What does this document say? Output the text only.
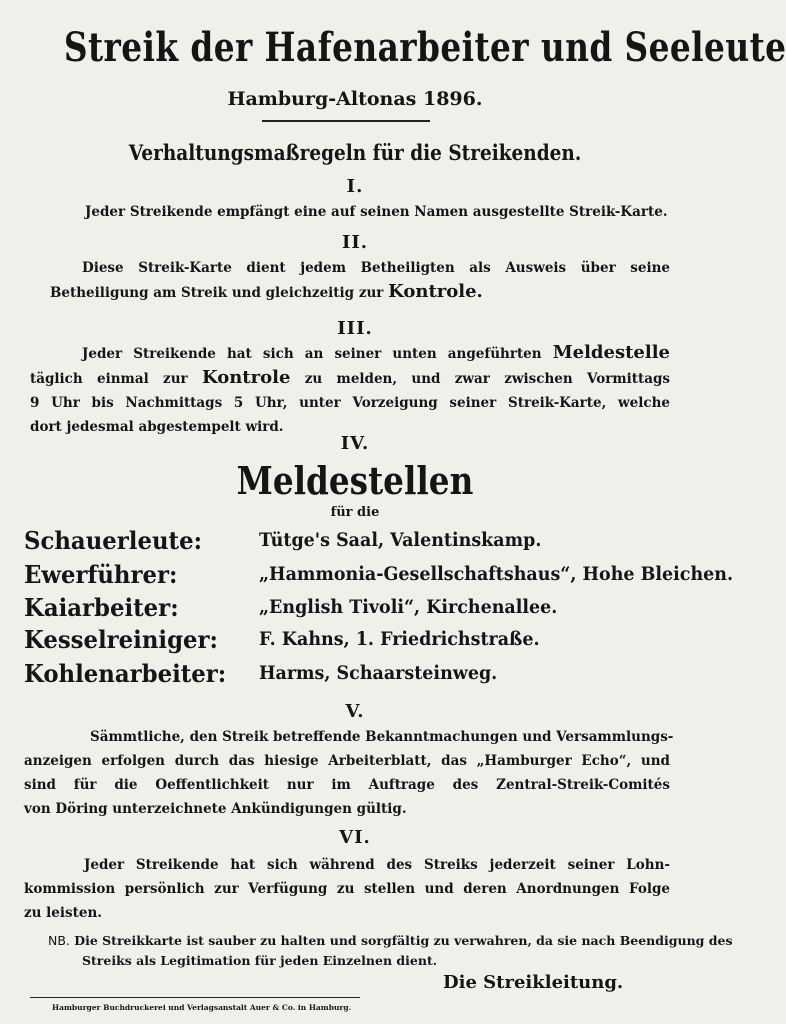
Streik der Hafenarbeiter und Seeleute
Hamburg-Altonas 1896.
Verhaltungsmaßregeln für die Streikenden.
I.
Jeder Streikende empfängt eine auf seinen Namen ausgestellte Streik-Karte.
II.
Diese Streik-Karte dient jedem Betheiligten als Ausweis über seine
Betheiligung am Streik und gleichzeitig zur Kontrole.
III.
Jeder Streikende hat sich an seiner unten angeführten Meldestelle
täglich einmal zur Kontrole zu melden, und zwar zwischen Vormittags
9 Uhr bis Nachmittags 5 Uhr, unter Vorzeigung seiner Streik-Karte, welche
dort jedesmal abgestempelt wird.
IV.
Meldestellen
für die
Schauerleute:	Tütge's Saal, Valentinskamp.
Ewerführer:	„Hammonia-Gesellschaftshaus“, Hohe Bleichen.
Kaiarbeiter:	„English Tivoli“, Kirchenallee.
Kesselreiniger: F. Kahns, 1. Friedrichstraße.
Kohlenarbeiter: Harms, Schaarsteinweg.
V.
Sämmtliche, den Streik betreffende Bekanntmachungen und Versammlungs-
anzeigen erfolgen durch das hiesige Arbeiterblatt, das „Hamburger Echo“, und
sind für die Oeffentlichkeit nur im Auftrage des Zentral-Streik-Comités
von Döring unterzeichnete Ankündigungen gültig.
VI.
Jeder Streikende hat sich während des Streiks jederzeit seiner Lohn-
kommission persönlich zur Verfügung zu stellen und deren Anordnungen Folge
zu leisten.
NB. Die Streikkarte ist sauber zu halten und sorgfältig zu verwahren, da sie nach Beendigung des
Streiks als Legitimation für jeden Einzelnen dient.
Die Streikleitung.
Hamburger Buchdruckerei und Verlagsanstalt Auer & Co. in Hamburg.
